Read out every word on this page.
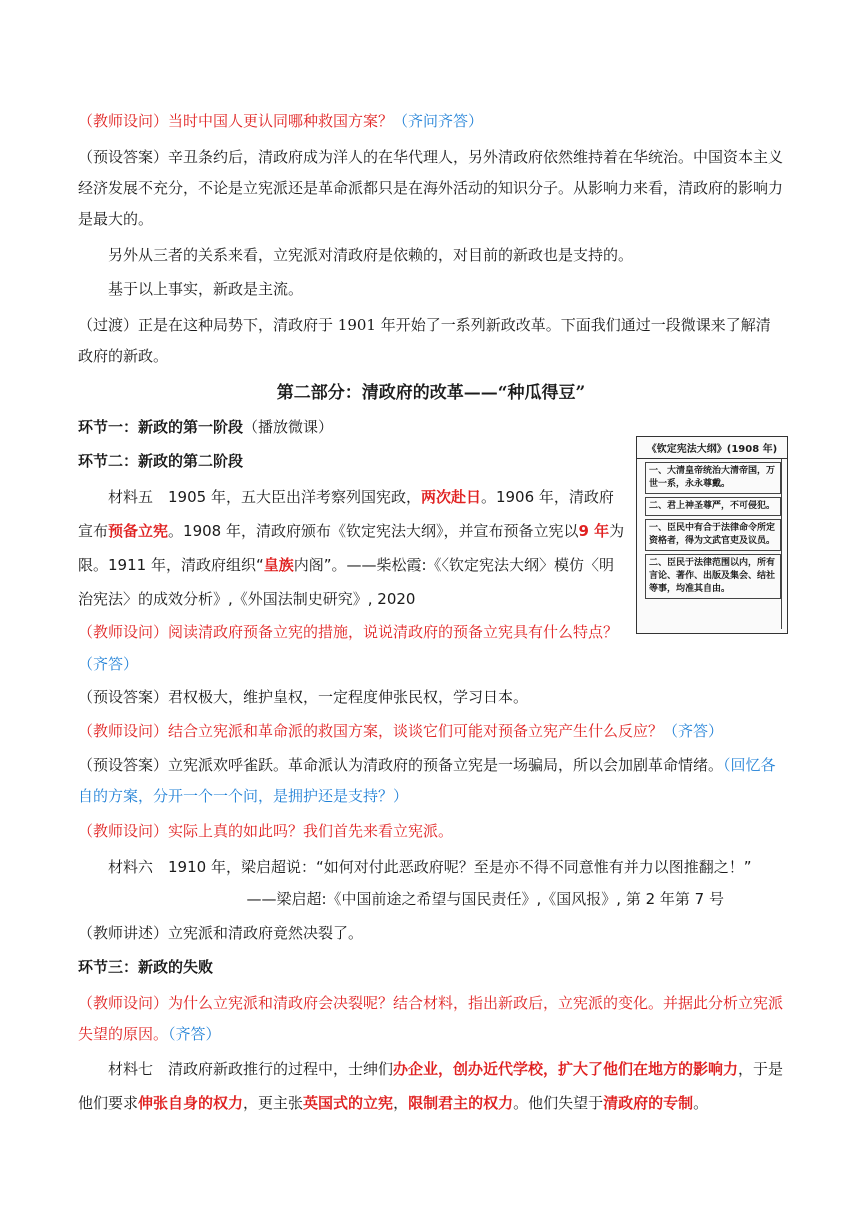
（教师设问）当时中国人更认同哪种救国方案？（齐问齐答）

（预设答案）辛丑条约后，清政府成为洋人的在华代理人，另外清政府依然维持着在华统治。中国资本主义经济发展不充分，不论是立宪派还是革命派都只是在海外活动的知识分子。从影响力来看，清政府的影响力是最大的。

另外从三者的关系来看，立宪派对清政府是依赖的，对目前的新政也是支持的。

基于以上事实，新政是主流。

（过渡）正是在这种局势下，清政府于 1901 年开始了一系列新政改革。下面我们通过一段微课来了解清政府的新政。

第二部分：清政府的改革——“种瓜得豆”

环节一：新政的第一阶段（播放微课）

环节二：新政的第二阶段

材料五　1905 年，五大臣出洋考察列国宪政，两次赴日。1906 年，清政府宣布预备立宪。1908 年，清政府颁布《钦定宪法大纲》，并宣布预备立宪以9 年为限。1911 年，清政府组织“皇族内阁”。——柴松霞:《〈钦定宪法大纲〉模仿〈明治宪法〉的成效分析》,《外国法制史研究》, 2020

（教师设问）阅读清政府预备立宪的措施，说说清政府的预备立宪具有什么特点？
（齐答）

（预设答案）君权极大，维护皇权，一定程度伸张民权，学习日本。

（教师设问）结合立宪派和革命派的救国方案，谈谈它们可能对预备立宪产生什么反应？（齐答）

（预设答案）立宪派欢呼雀跃。革命派认为清政府的预备立宪是一场骗局，所以会加剧革命情绪。（回忆各自的方案，分开一个一个问，是拥护还是支持？）

（教师设问）实际上真的如此吗？我们首先来看立宪派。

材料六　1910 年，梁启超说：“如何对付此恶政府呢？至是亦不得不同意惟有并力以图推翻之！”

——梁启超:《中国前途之希望与国民责任》,《国风报》, 第 2 年第 7 号

（教师讲述）立宪派和清政府竟然决裂了。

环节三：新政的失败

（教师设问）为什么立宪派和清政府会决裂呢？结合材料，指出新政后，立宪派的变化。并据此分析立宪派失望的原因。（齐答）

材料七　清政府新政推行的过程中，士绅们办企业，创办近代学校，扩大了他们在地方的影响力，于是他们要求伸张自身的权力，更主张英国式的立宪，限制君主的权力。他们失望于清政府的专制。

《钦定宪法大纲》(1908 年)
一、大清皇帝统治大清帝国，万世一系，永永尊戴。
二、君上神圣尊严，不可侵犯。
一、臣民中有合于法律命令所定资格者，得为文武官吏及议员。
二、臣民于法律范围以内，所有言论、著作、出版及集会、结社等事，均准其自由。
